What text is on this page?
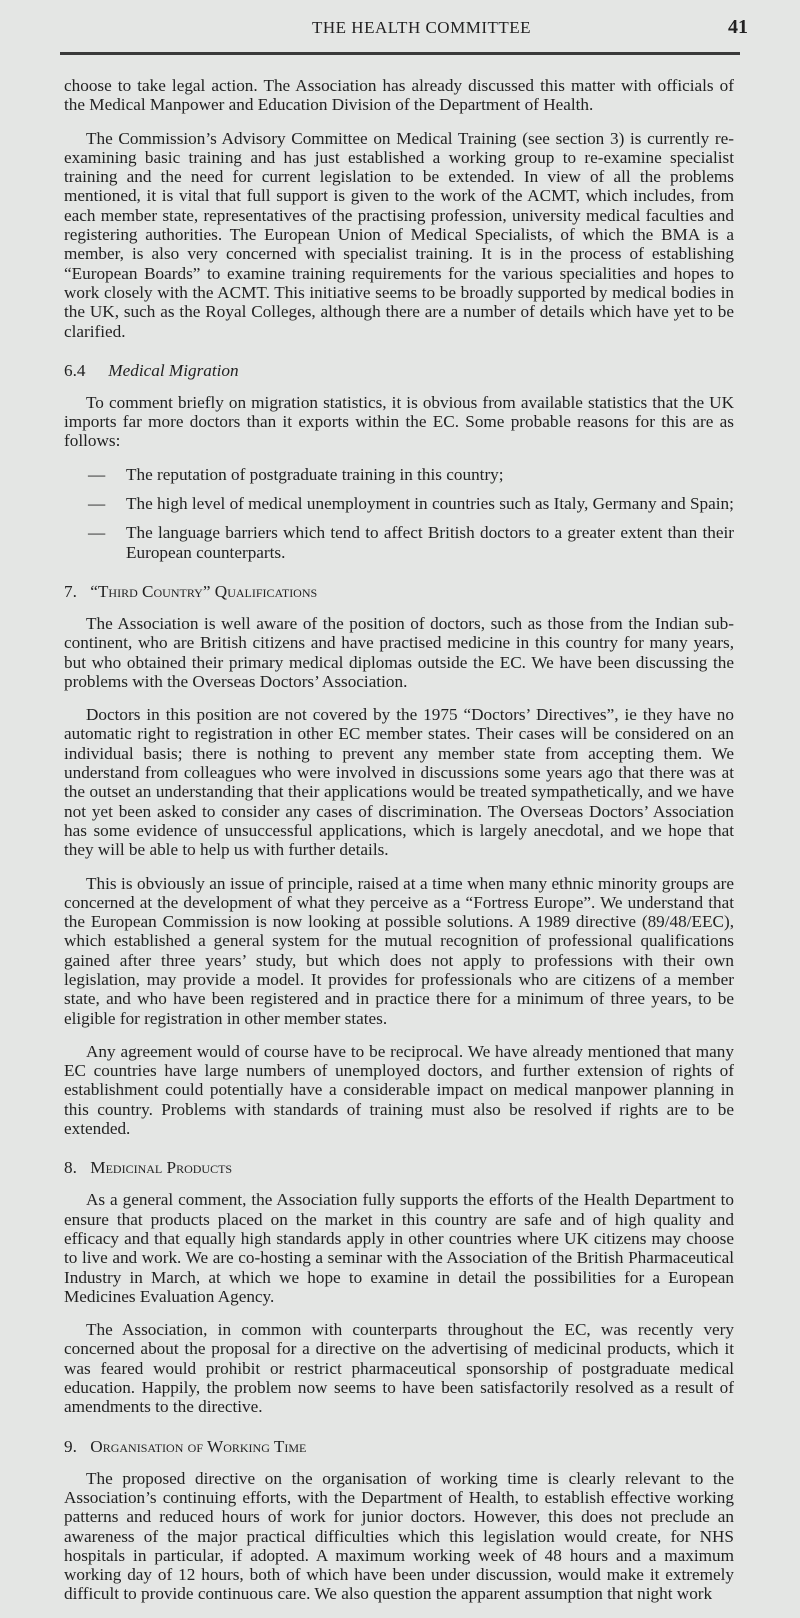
THE HEALTH COMMITTEE	41

choose to take legal action. The Association has already discussed this matter with officials of the Medical Manpower and Education Division of the Department of Health.

The Commission’s Advisory Committee on Medical Training (see section 3) is currently re-examining basic training and has just established a working group to re-examine specialist training and the need for current legislation to be extended. In view of all the problems mentioned, it is vital that full support is given to the work of the ACMT, which includes, from each member state, representatives of the practising profession, university medical faculties and registering authorities. The European Union of Medical Specialists, of which the BMA is a member, is also very concerned with specialist training. It is in the process of establishing “European Boards” to examine training requirements for the various specialities and hopes to work closely with the ACMT. This initiative seems to be broadly supported by medical bodies in the UK, such as the Royal Colleges, although there are a number of details which have yet to be clarified.

6.4 Medical Migration

To comment briefly on migration statistics, it is obvious from available statistics that the UK imports far more doctors than it exports within the EC. Some probable reasons for this are as follows:

— The reputation of postgraduate training in this country;
— The high level of medical unemployment in countries such as Italy, Germany and Spain;
— The language barriers which tend to affect British doctors to a greater extent than their European counterparts.
7. “Third Country” Qualifications

The Association is well aware of the position of doctors, such as those from the Indian sub-continent, who are British citizens and have practised medicine in this country for many years, but who obtained their primary medical diplomas outside the EC. We have been discussing the problems with the Overseas Doctors’ Association.

Doctors in this position are not covered by the 1975 “Doctors’ Directives”, ie they have no automatic right to registration in other EC member states. Their cases will be considered on an individual basis; there is nothing to prevent any member state from accepting them. We understand from colleagues who were involved in discussions some years ago that there was at the outset an understanding that their applications would be treated sympathetically, and we have not yet been asked to consider any cases of discrimination. The Overseas Doctors’ Association has some evidence of unsuccessful applications, which is largely anecdotal, and we hope that they will be able to help us with further details.

This is obviously an issue of principle, raised at a time when many ethnic minority groups are concerned at the development of what they perceive as a “Fortress Europe”. We understand that the European Commission is now looking at possible solutions. A 1989 directive (89/48/EEC), which established a general system for the mutual recognition of professional qualifications gained after three years’ study, but which does not apply to professions with their own legislation, may provide a model. It provides for professionals who are citizens of a member state, and who have been registered and in practice there for a minimum of three years, to be eligible for registration in other member states.

Any agreement would of course have to be reciprocal. We have already mentioned that many EC countries have large numbers of unemployed doctors, and further extension of rights of establishment could potentially have a considerable impact on medical manpower planning in this country. Problems with standards of training must also be resolved if rights are to be extended.

8. Medicinal Products

As a general comment, the Association fully supports the efforts of the Health Department to ensure that products placed on the market in this country are safe and of high quality and efficacy and that equally high standards apply in other countries where UK citizens may choose to live and work. We are co-hosting a seminar with the Association of the British Pharmaceutical Industry in March, at which we hope to examine in detail the possibilities for a European Medicines Evaluation Agency.

The Association, in common with counterparts throughout the EC, was recently very concerned about the proposal for a directive on the advertising of medicinal products, which it was feared would prohibit or restrict pharmaceutical sponsorship of postgraduate medical education. Happily, the problem now seems to have been satisfactorily resolved as a result of amendments to the directive.

9. Organisation of Working Time

The proposed directive on the organisation of working time is clearly relevant to the Association’s continuing efforts, with the Department of Health, to establish effective working patterns and reduced hours of work for junior doctors. However, this does not preclude an awareness of the major practical difficulties which this legislation would create, for NHS hospitals in particular, if adopted. A maximum working week of 48 hours and a maximum working day of 12 hours, both of which have been under discussion, would make it extremely difficult to provide continuous care. We also question the apparent assumption that night work
